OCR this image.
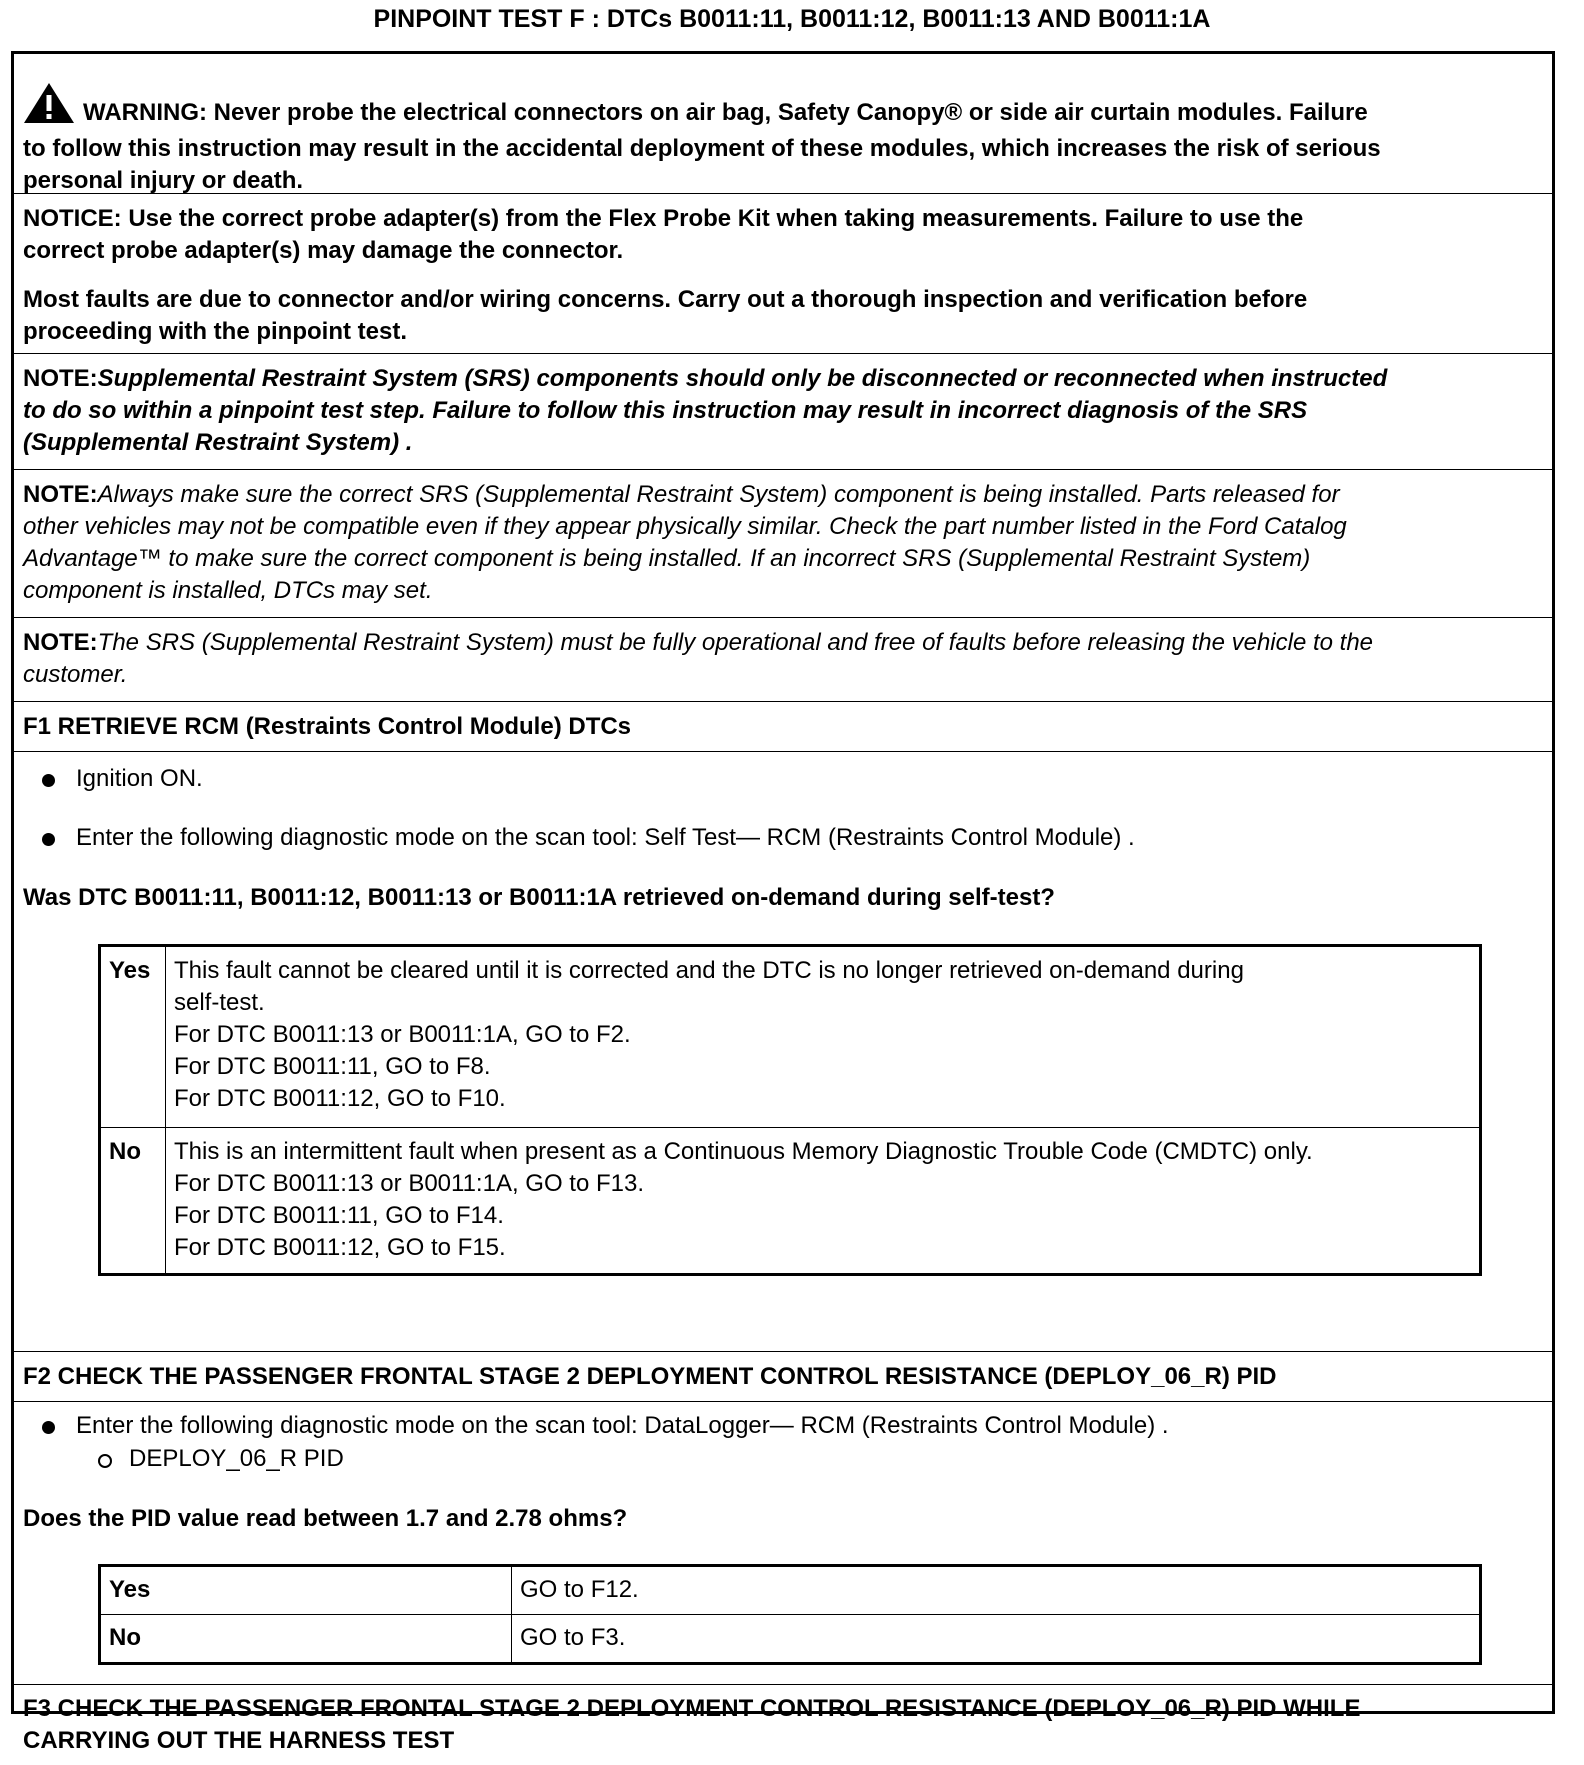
PINPOINT TEST F : DTCs B0011:11, B0011:12, B0011:13 AND B0011:1A
WARNING: Never probe the electrical connectors on air bag, Safety Canopy® or side air curtain modules. Failure
to follow this instruction may result in the accidental deployment of these modules, which increases the risk of serious
personal injury or death.
NOTICE: Use the correct probe adapter(s) from the Flex Probe Kit when taking measurements. Failure to use the
correct probe adapter(s) may damage the connector.
Most faults are due to connector and/or wiring concerns. Carry out a thorough inspection and verification before
proceeding with the pinpoint test.
NOTE:Supplemental Restraint System (SRS) components should only be disconnected or reconnected when instructed
to do so within a pinpoint test step. Failure to follow this instruction may result in incorrect diagnosis of the SRS
(Supplemental Restraint System) .
NOTE:Always make sure the correct SRS (Supplemental Restraint System) component is being installed. Parts released for
other vehicles may not be compatible even if they appear physically similar. Check the part number listed in the Ford Catalog
Advantage™ to make sure the correct component is being installed. If an incorrect SRS (Supplemental Restraint System)
component is installed, DTCs may set.
NOTE:The SRS (Supplemental Restraint System) must be fully operational and free of faults before releasing the vehicle to the
customer.
F1 RETRIEVE RCM (Restraints Control Module) DTCs
Ignition ON.
Enter the following diagnostic mode on the scan tool: Self Test— RCM (Restraints Control Module) .
Was DTC B0011:11, B0011:12, B0011:13 or B0011:1A retrieved on-demand during self-test?
Yes	This fault cannot be cleared until it is corrected and the DTC is no longer retrieved on-demand during
self-test.
For DTC B0011:13 or B0011:1A, GO to F2.
For DTC B0011:11, GO to F8.
For DTC B0011:12, GO to F10.

No	This is an intermittent fault when present as a Continuous Memory Diagnostic Trouble Code (CMDTC) only.
For DTC B0011:13 or B0011:1A, GO to F13.
For DTC B0011:11, GO to F14.
For DTC B0011:12, GO to F15.
F2 CHECK THE PASSENGER FRONTAL STAGE 2 DEPLOYMENT CONTROL RESISTANCE (DEPLOY_06_R) PID
Enter the following diagnostic mode on the scan tool: DataLogger— RCM (Restraints Control Module) .
DEPLOY_06_R PID
Does the PID value read between 1.7 and 2.78 ohms?
Yes	GO to F12.
No	GO to F3.
F3 CHECK THE PASSENGER FRONTAL STAGE 2 DEPLOYMENT CONTROL RESISTANCE (DEPLOY_06_R) PID WHILE
CARRYING OUT THE HARNESS TEST
